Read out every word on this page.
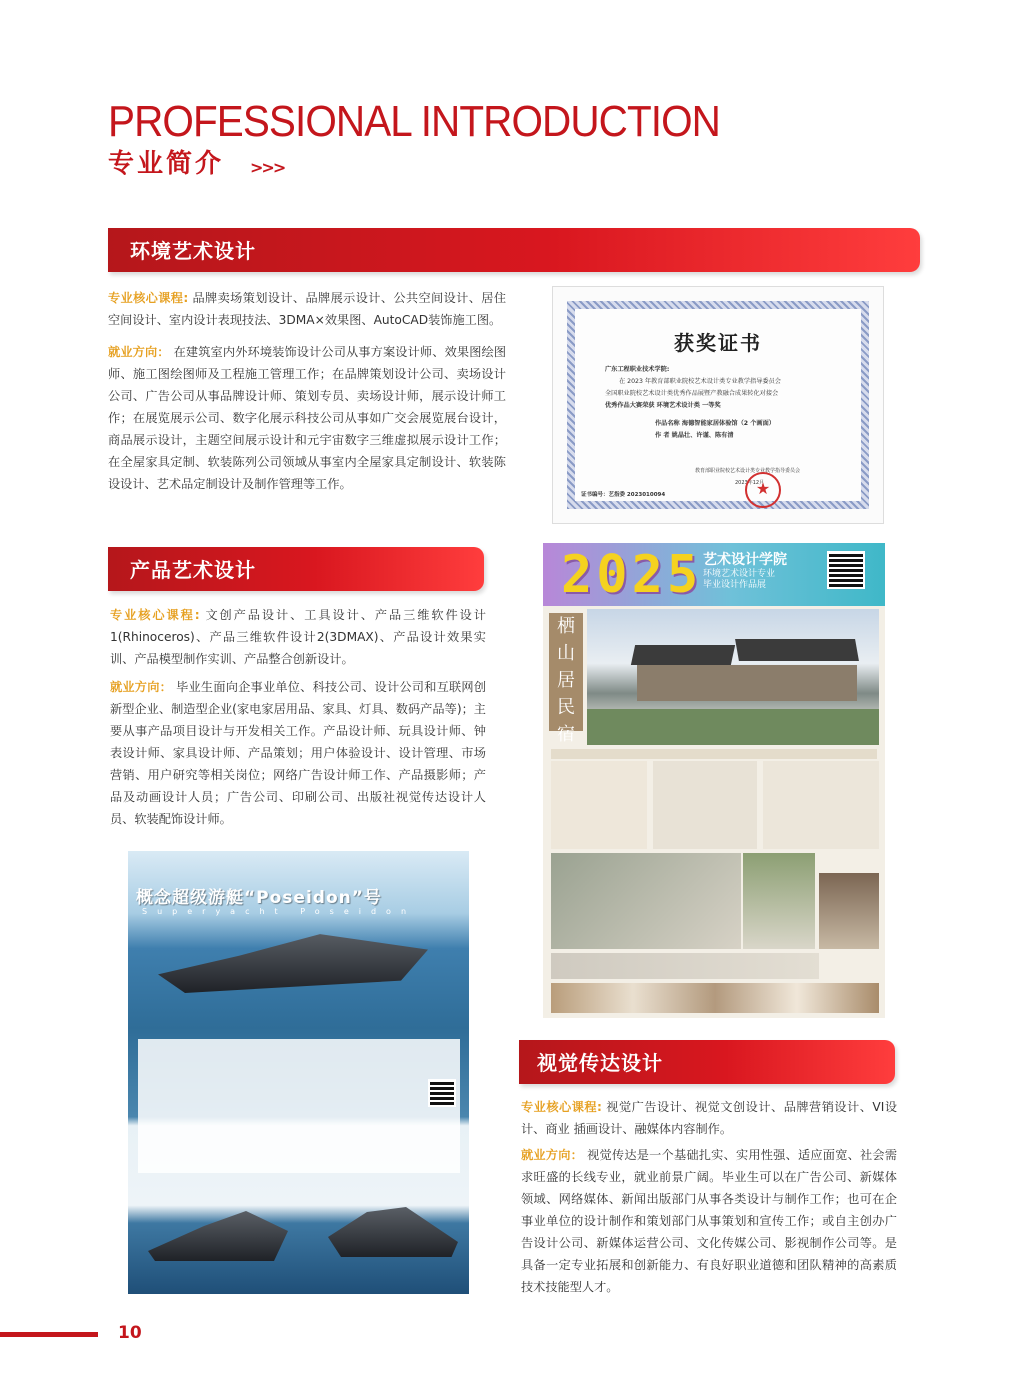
PROFESSIONAL INTRODUCTION
专业简介 >>>
环境艺术设计
专业核心课程: 品牌卖场策划设计、品牌展示设计、公共空间设计、居住空间设计、室内设计表现技法、3DMA×效果图、AutoCAD装饰施工图。
就业方向： 在建筑室内外环境装饰设计公司从事方案设计师、效果图绘图师、施工图绘图师及工程施工管理工作；在品牌策划设计公司、卖场设计公司、广告公司从事品牌设计师、策划专员、卖场设计师，展示设计师工作；在展览展示公司、数字化展示科技公司从事如广交会展览展台设计，商品展示设计，主题空间展示设计和元宇宙数字三维虚拟展示设计工作；在全屋家具定制、软装陈列公司领域从事室内全屋家具定制设计、软装陈设设计、艺术品定制设计及制作管理等工作。
获奖证书
广东工程职业技术学院:
在 2023 年教育部职业院校艺术设计类专业教学指导委员会
全国职业院校艺术设计类优秀作品展暨产教融合成果转化对接会
优秀作品大赛荣获 环境艺术设计类 一等奖
作品名称 海德智能家居体验馆（2 个画面）
作 者 姚晶壮、许谨、陈有清
教育部职业院校艺术设计类专业教学指导委员会
2023年12月
★
证书编号：艺指委 2023010094
产品艺术设计
专业核心课程: 文创产品设计、工具设计、产品三维软件设计1(Rhinoceros)、产品三维软件设计2(3DMAX)、产品设计效果实训、产品模型制作实训、产品整合创新设计。
就业方向： 毕业生面向企事业单位、科技公司、设计公司和互联网创新型企业、制造型企业(家电家居用品、家具、灯具、数码产品等)；主要从事产品项目设计与开发相关工作。产品设计师、玩具设计师、钟表设计师、家具设计师、产品策划；用户体验设计、设计管理、市场营销、用户研究等相关岗位；网络广告设计师工作、产品摄影师；产品及动画设计人员；广告公司、印刷公司、出版社视觉传达设计人员、软装配饰设计师。
2025 艺术设计学院
环境艺术设计专业
毕业设计作品展
栖山居民宿
概念超级游艇“Poseidon”号
Superyacht Poseidon
视觉传达设计
专业核心课程: 视觉广告设计、视觉文创设计、品牌营销设计、VI设计、商业 插画设计、融媒体内容制作。
就业方向： 视觉传达是一个基础扎实、实用性强、适应面宽、社会需求旺盛的长线专业，就业前景广阔。毕业生可以在广告公司、新媒体领域、网络媒体、新闻出版部门从事各类设计与制作工作；也可在企事业单位的设计制作和策划部门从事策划和宣传工作；或自主创办广告设计公司、新媒体运营公司、文化传媒公司、影视制作公司等。是具备一定专业拓展和创新能力、有良好职业道德和团队精神的高素质技术技能型人才。
10
